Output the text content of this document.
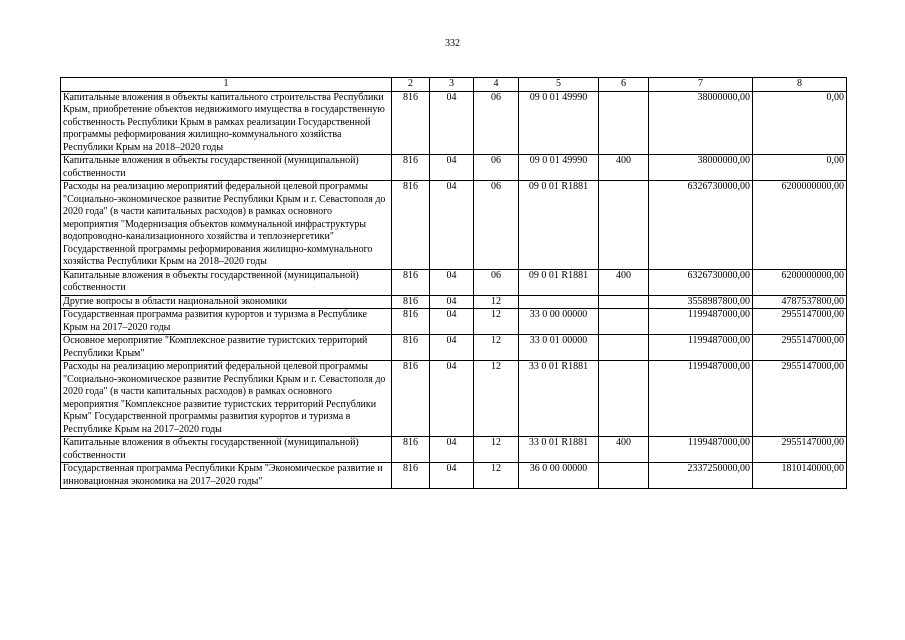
332
1	2	3	4	5	6	7	8
Капитальные вложения в объекты капитального строительства Республики Крым, приобретение объектов недвижимого имущества в государственную собственность Республики Крым в рамках реализации Государственной программы реформирования жилищно-коммунального хозяйства Республики Крым на 2018–2020 годы	816	04	06	09 0 01 49990		38000000,00	0,00
Капитальные вложения в объекты государственной (муниципальной) собственности	816	04	06	09 0 01 49990	400	38000000,00	0,00
Расходы на реализацию мероприятий федеральной целевой программы "Социально-экономическое развитие Республики Крым и г. Севастополя до 2020 года" (в части капитальных расходов) в рамках основного мероприятия "Модернизация объектов коммунальной инфраструктуры водопроводно-канализационного хозяйства и теплоэнергетики" Государственной программы реформирования жилищно-коммунального хозяйства Республики Крым на 2018–2020 годы	816	04	06	09 0 01 R1881		6326730000,00	6200000000,00
Капитальные вложения в объекты государственной (муниципальной) собственности	816	04	06	09 0 01 R1881	400	6326730000,00	6200000000,00
Другие вопросы в области национальной экономики	816	04	12			3558987800,00	4787537800,00
Государственная программа развития курортов и туризма в Республике Крым на 2017–2020 годы	816	04	12	33 0 00 00000		1199487000,00	2955147000,00
Основное мероприятие "Комплексное развитие туристских территорий Республики Крым"	816	04	12	33 0 01 00000		1199487000,00	2955147000,00
Расходы на реализацию мероприятий федеральной целевой программы "Социально-экономическое развитие Республики Крым и г. Севастополя до 2020 года" (в части капитальных расходов) в рамках основного мероприятия "Комплексное развитие туристских территорий Республики Крым" Государственной программы развития курортов и туризма в Республике Крым на 2017–2020 годы	816	04	12	33 0 01 R1881		1199487000,00	2955147000,00
Капитальные вложения в объекты государственной (муниципальной) собственности	816	04	12	33 0 01 R1881	400	1199487000,00	2955147000,00
Государственная программа Республики Крым "Экономическое развитие и инновационная экономика на 2017–2020 годы"	816	04	12	36 0 00 00000		2337250000,00	1810140000,00
